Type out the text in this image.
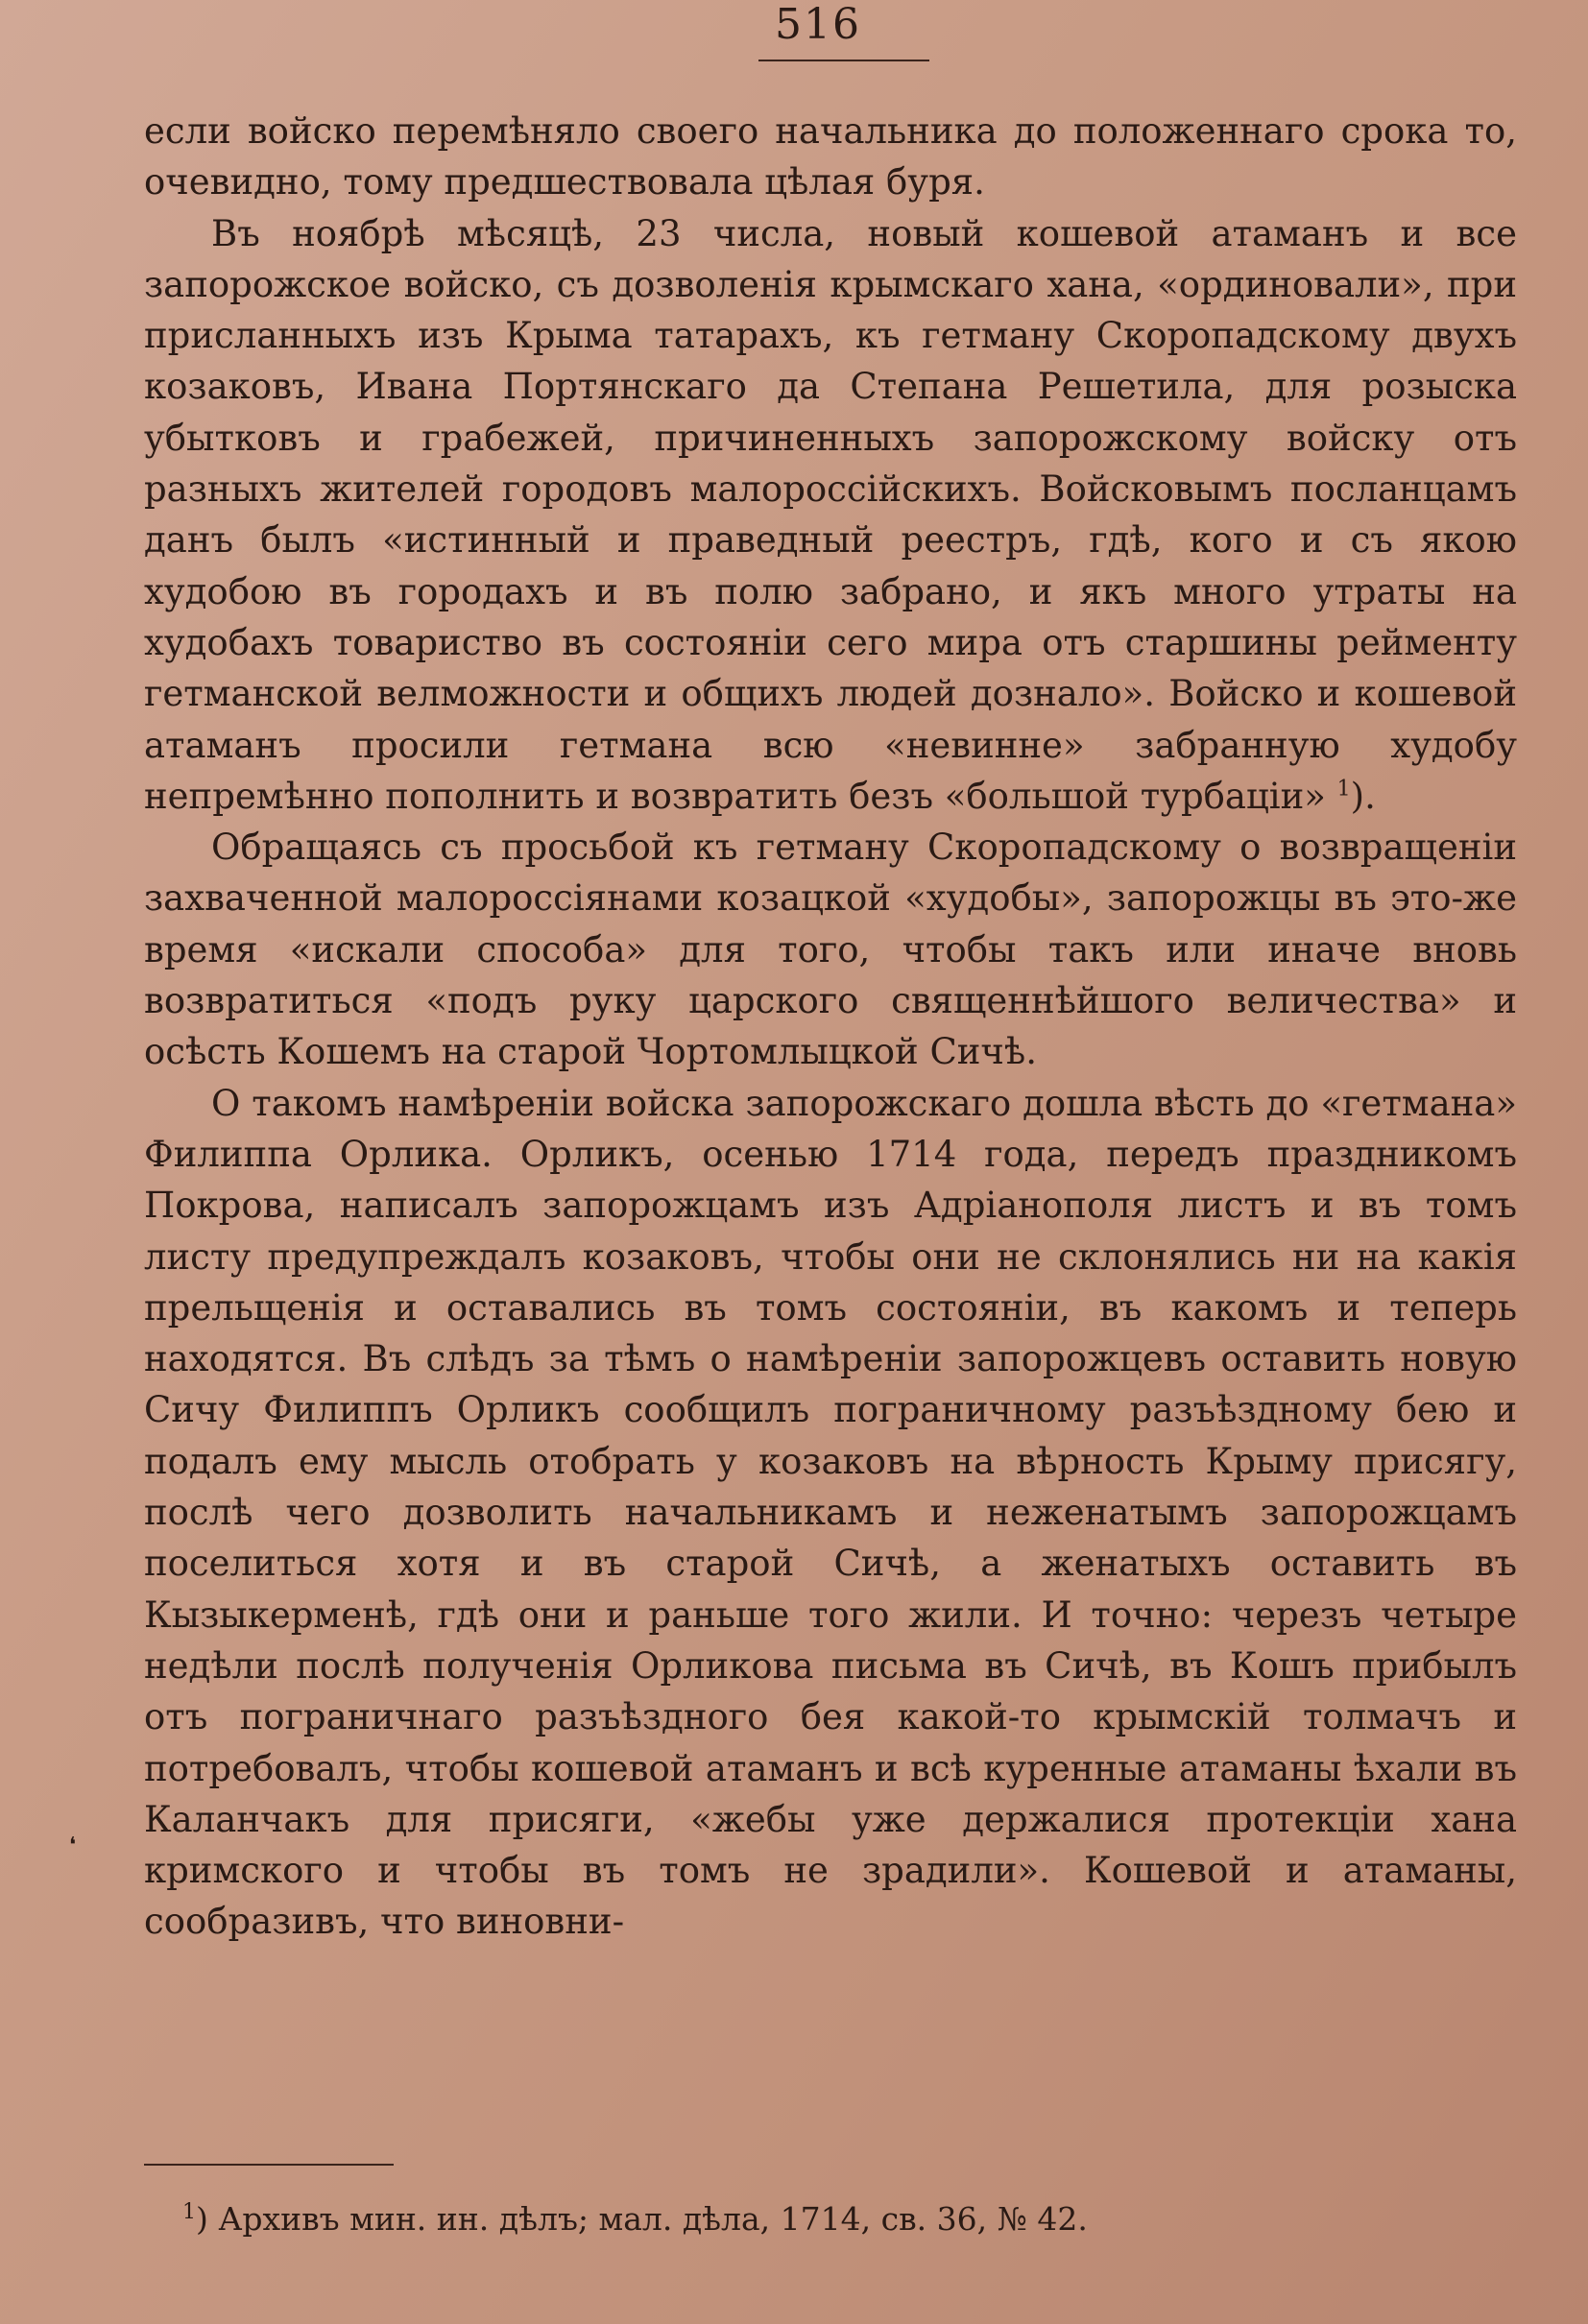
516

если войско перемѣняло своего начальника до положеннаго срока то, очевидно, тому предшествовала цѣлая буря.

Въ ноябрѣ мѣсяцѣ, 23 числа, новый кошевой атаманъ и все запорожское войско, съ дозволенія крымскаго хана, «ординовали», при присланныхъ изъ Крыма татарахъ, къ гетману Скоропадскому двухъ козаковъ, Ивана Портянскаго да Степана Решетила, для розыска убытковъ и грабежей, причиненныхъ запорожскому войску отъ разныхъ жителей городовъ малороссійскихъ. Войсковымъ посланцамъ данъ былъ «истинный и праведный реестръ, гдѣ, кого и съ якою худобою въ городахъ и въ полю забрано, и якъ много утраты на худобахъ товариство въ состояніи сего мира отъ старшины рейменту гетманской велможности и общихъ людей дознало». Войско и кошевой атаманъ просили гетмана всю «невинне» забранную худобу непремѣнно пополнить и возвратить безъ «большой турбаціи» $^1$).

Обращаясь съ просьбой къ гетману Скоропадскому о возвращеніи захваченной малороссіянами козацкой «худобы», запорожцы въ это-же время «искали способа» для того, чтобы такъ или иначе вновь возвратиться «подъ руку царского священнѣйшого величества» и осѣсть Кошемъ на старой Чортомлыцкой Сичѣ.

О такомъ намѣреніи войска запорожскаго дошла вѣсть до «гетмана» Филиппа Орлика. Орликъ, осенью 1714 года, передъ праздникомъ Покрова, написалъ запорожцамъ изъ Адріанополя листъ и въ томъ листу предупреждалъ козаковъ, чтобы они не склонялись ни на какія прельщенія и оставались въ томъ состояніи, въ какомъ и теперь находятся. Въ слѣдъ за тѣмъ о намѣреніи запорожцевъ оставить новую Сичу Филиппъ Орликъ сообщилъ пограничному разъѣздному бею и подалъ ему мысль отобрать у козаковъ на вѣрность Крыму присягу, послѣ чего дозволить начальникамъ и неженатымъ запорожцамъ поселиться хотя и въ старой Сичѣ, а женатыхъ оставить въ Кызыкерменѣ, гдѣ они и раньше того жили. И точно: черезъ четыре недѣли послѣ полученія Орликова письма въ Сичѣ, въ Кошъ прибылъ отъ пограничнаго разъѣздного бея какой-то крымскій толмачъ и потребовалъ, чтобы кошевой атаманъ и всѣ куренные атаманы ѣхали въ Каланчакъ для присяги, «жебы уже держалися протекціи хана кримского и чтобы въ томъ не зрадили». Кошевой и атаманы, сообразивъ, что виновни-

❛
$^1$) Архивъ мин. ин. дѣлъ; мал. дѣла, 1714, св. 36, № 42.
